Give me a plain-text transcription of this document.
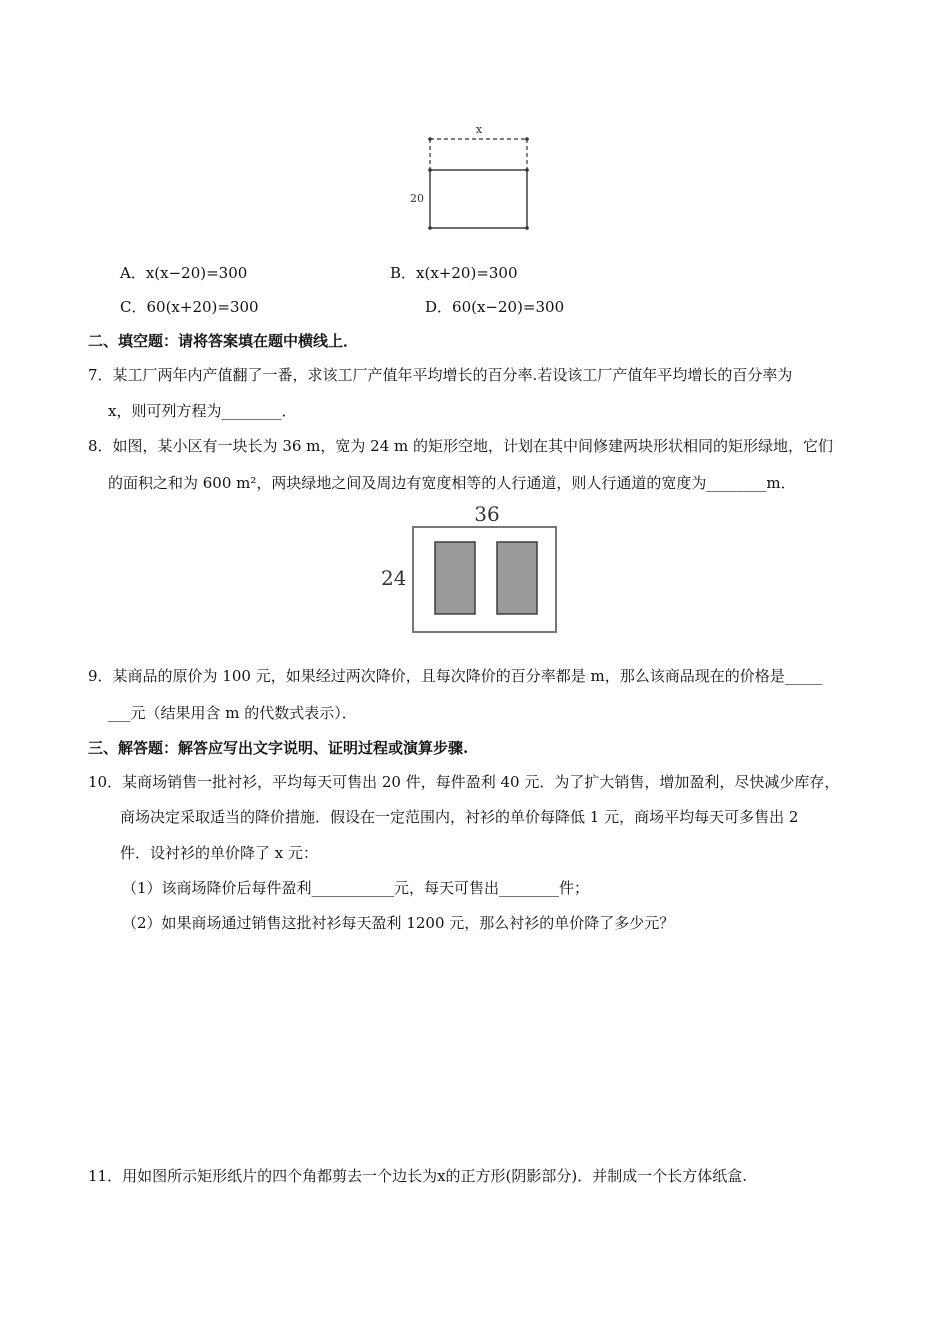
x
20
A．x(x−20)=300	B．x(x+20)=300
C．60(x+20)=300	D．60(x−20)=300
二、填空题：请将答案填在题中横线上．
7．某工厂两年内产值翻了一番，求该工厂产值年平均增长的百分率.若设该工厂产值年平均增长的百分率为
x，则可列方程为________．
8．如图，某小区有一块长为 36 m，宽为 24 m 的矩形空地，计划在其中间修建两块形状相同的矩形绿地，它们
的面积之和为 600 m²，两块绿地之间及周边有宽度相等的人行通道，则人行通道的宽度为________m．
36
24
9．某商品的原价为 100 元，如果经过两次降价，且每次降价的百分率都是 m，那么该商品现在的价格是_____
___元（结果用含 m 的代数式表示）．
三、解答题：解答应写出文字说明、证明过程或演算步骤.
10．某商场销售一批衬衫，平均每天可售出 20 件，每件盈利 40 元．为了扩大销售，增加盈利，尽快减少库存，
商场决定采取适当的降价措施．假设在一定范围内，衬衫的单价每降低 1 元，商场平均每天可多售出 2
件．设衬衫的单价降了 x 元：
（1）该商场降价后每件盈利___________元，每天可售出________件；
（2）如果商场通过销售这批衬衫每天盈利 1200 元，那么衬衫的单价降了多少元？
11．用如图所示矩形纸片的四个角都剪去一个边长为x的正方形(阴影部分)．并制成一个长方体纸盒.
